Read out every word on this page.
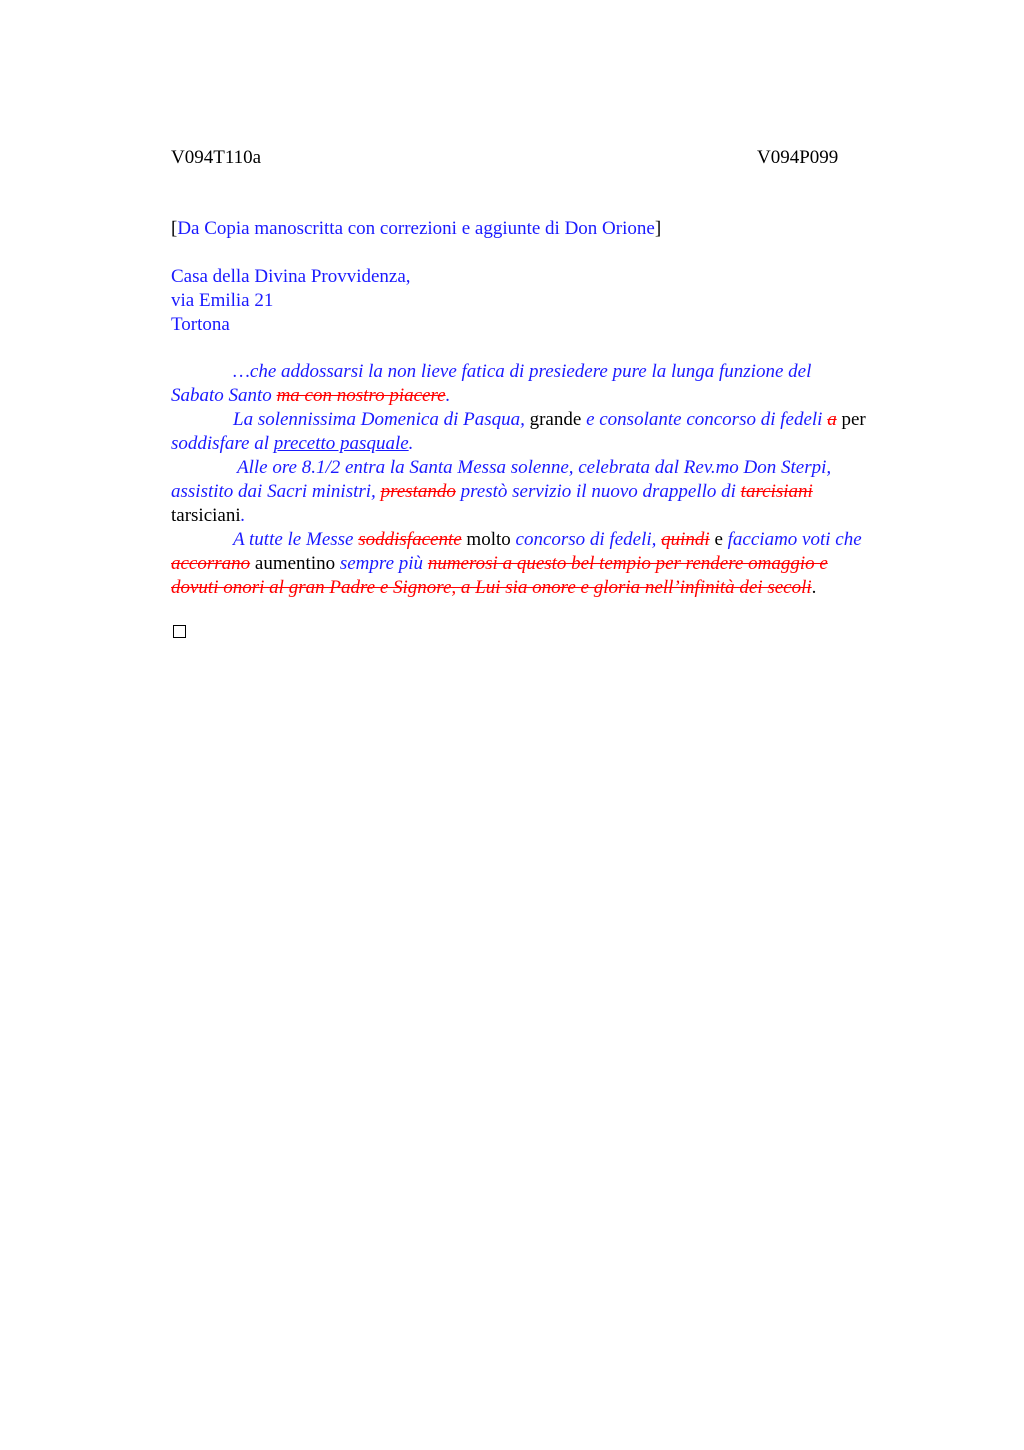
V094T110a	V094P099
[Da Copia manoscritta con correzioni e aggiunte di Don Orione]
Casa della Divina Provvidenza,
via Emilia 21
Tortona
…che addossarsi la non lieve fatica di presiedere pure la lunga funzione del
Sabato Santo ma con nostro piacere.
La solennissima Domenica di Pasqua, grande e consolante concorso di fedeli a per
soddisfare al precetto pasquale.
Alle ore 8.1/2 entra la Santa Messa solenne, celebrata dal Rev.mo Don Sterpi,
assistito dai Sacri ministri, prestando prestò servizio il nuovo drappello di tarcisiani
tarsiciani.
A tutte le Messe soddisfacente molto concorso di fedeli, quindi e facciamo voti che
accorrano aumentino sempre più numerosi a questo bel tempio per rendere omaggio e
dovuti onori al gran Padre e Signore, a Lui sia onore e gloria nell’infinità dei secoli.
